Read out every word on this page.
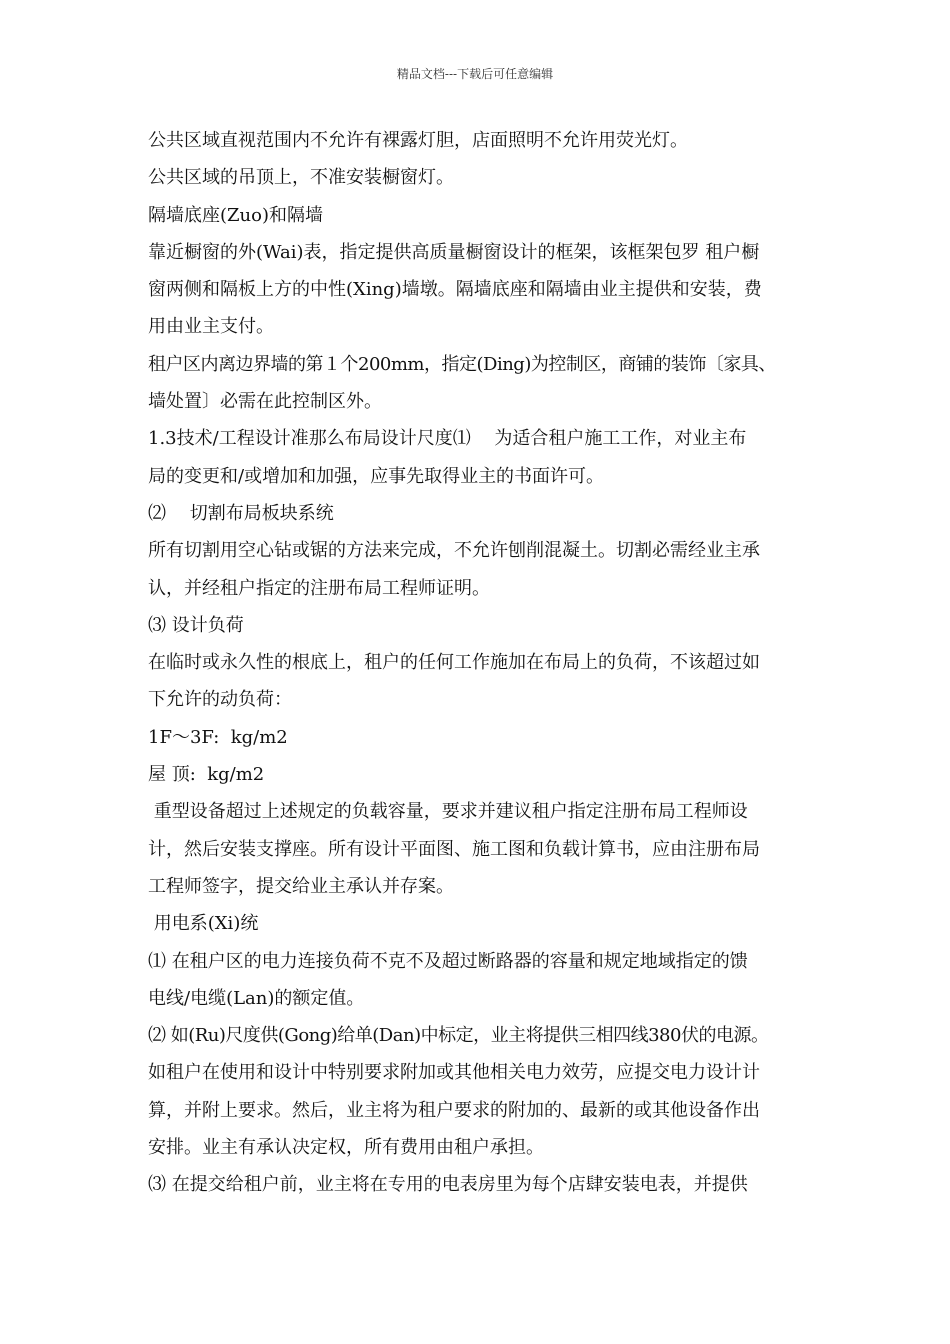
精品文档---下载后可任意编辑
公共区域直视范围内不允许有裸露灯胆，店面照明不允许用荧光灯。
公共区域的吊顶上，不准安装橱窗灯。
隔墙底座(Zuo)和隔墙
靠近橱窗的外(Wai)表，指定提供高质量橱窗设计的框架，该框架包罗 租户橱
窗两侧和隔板上方的中性(Xing)墙墩。隔墙底座和隔墙由业主提供和安装，费
用由业主支付。
租户区内离边界墙的第１个200mm，指定(Ding)为控制区，商铺的装饰〔家具、
墙处置〕必需在此控制区外。
1.3技术/工程设计准那么布局设计尺度⑴　 为适合租户施工工作，对业主布
局的变更和/或增加和加强，应事先取得业主的书面许可。
⑵　 切割布局板块系统
所有切割用空心钻或锯的方法来完成，不允许刨削混凝土。切割必需经业主承
认，并经租户指定的注册布局工程师证明。
⑶ 设计负荷
在临时或永久性的根底上，租户的任何工作施加在布局上的负荷，不该超过如
下允许的动负荷：
1F～3F:  kg/m2
屋 顶:  kg/m2
重型设备超过上述规定的负载容量，要求并建议租户指定注册布局工程师设
计，然后安装支撑座。所有设计平面图、施工图和负载计算书，应由注册布局
工程师签字，提交给业主承认并存案。
用电系(Xi)统
⑴ 在租户区的电力连接负荷不克不及超过断路器的容量和规定地域指定的馈
电线/电缆(Lan)的额定值。
⑵ 如(Ru)尺度供(Gong)给单(Dan)中标定，业主将提供三相四线380伏的电源。
如租户在使用和设计中特别要求附加或其他相关电力效劳，应提交电力设计计
算，并附上要求。然后，业主将为租户要求的附加的、最新的或其他设备作出
安排。业主有承认决定权，所有费用由租户承担。
⑶ 在提交给租户前，业主将在专用的电表房里为每个店肆安装电表，并提供
